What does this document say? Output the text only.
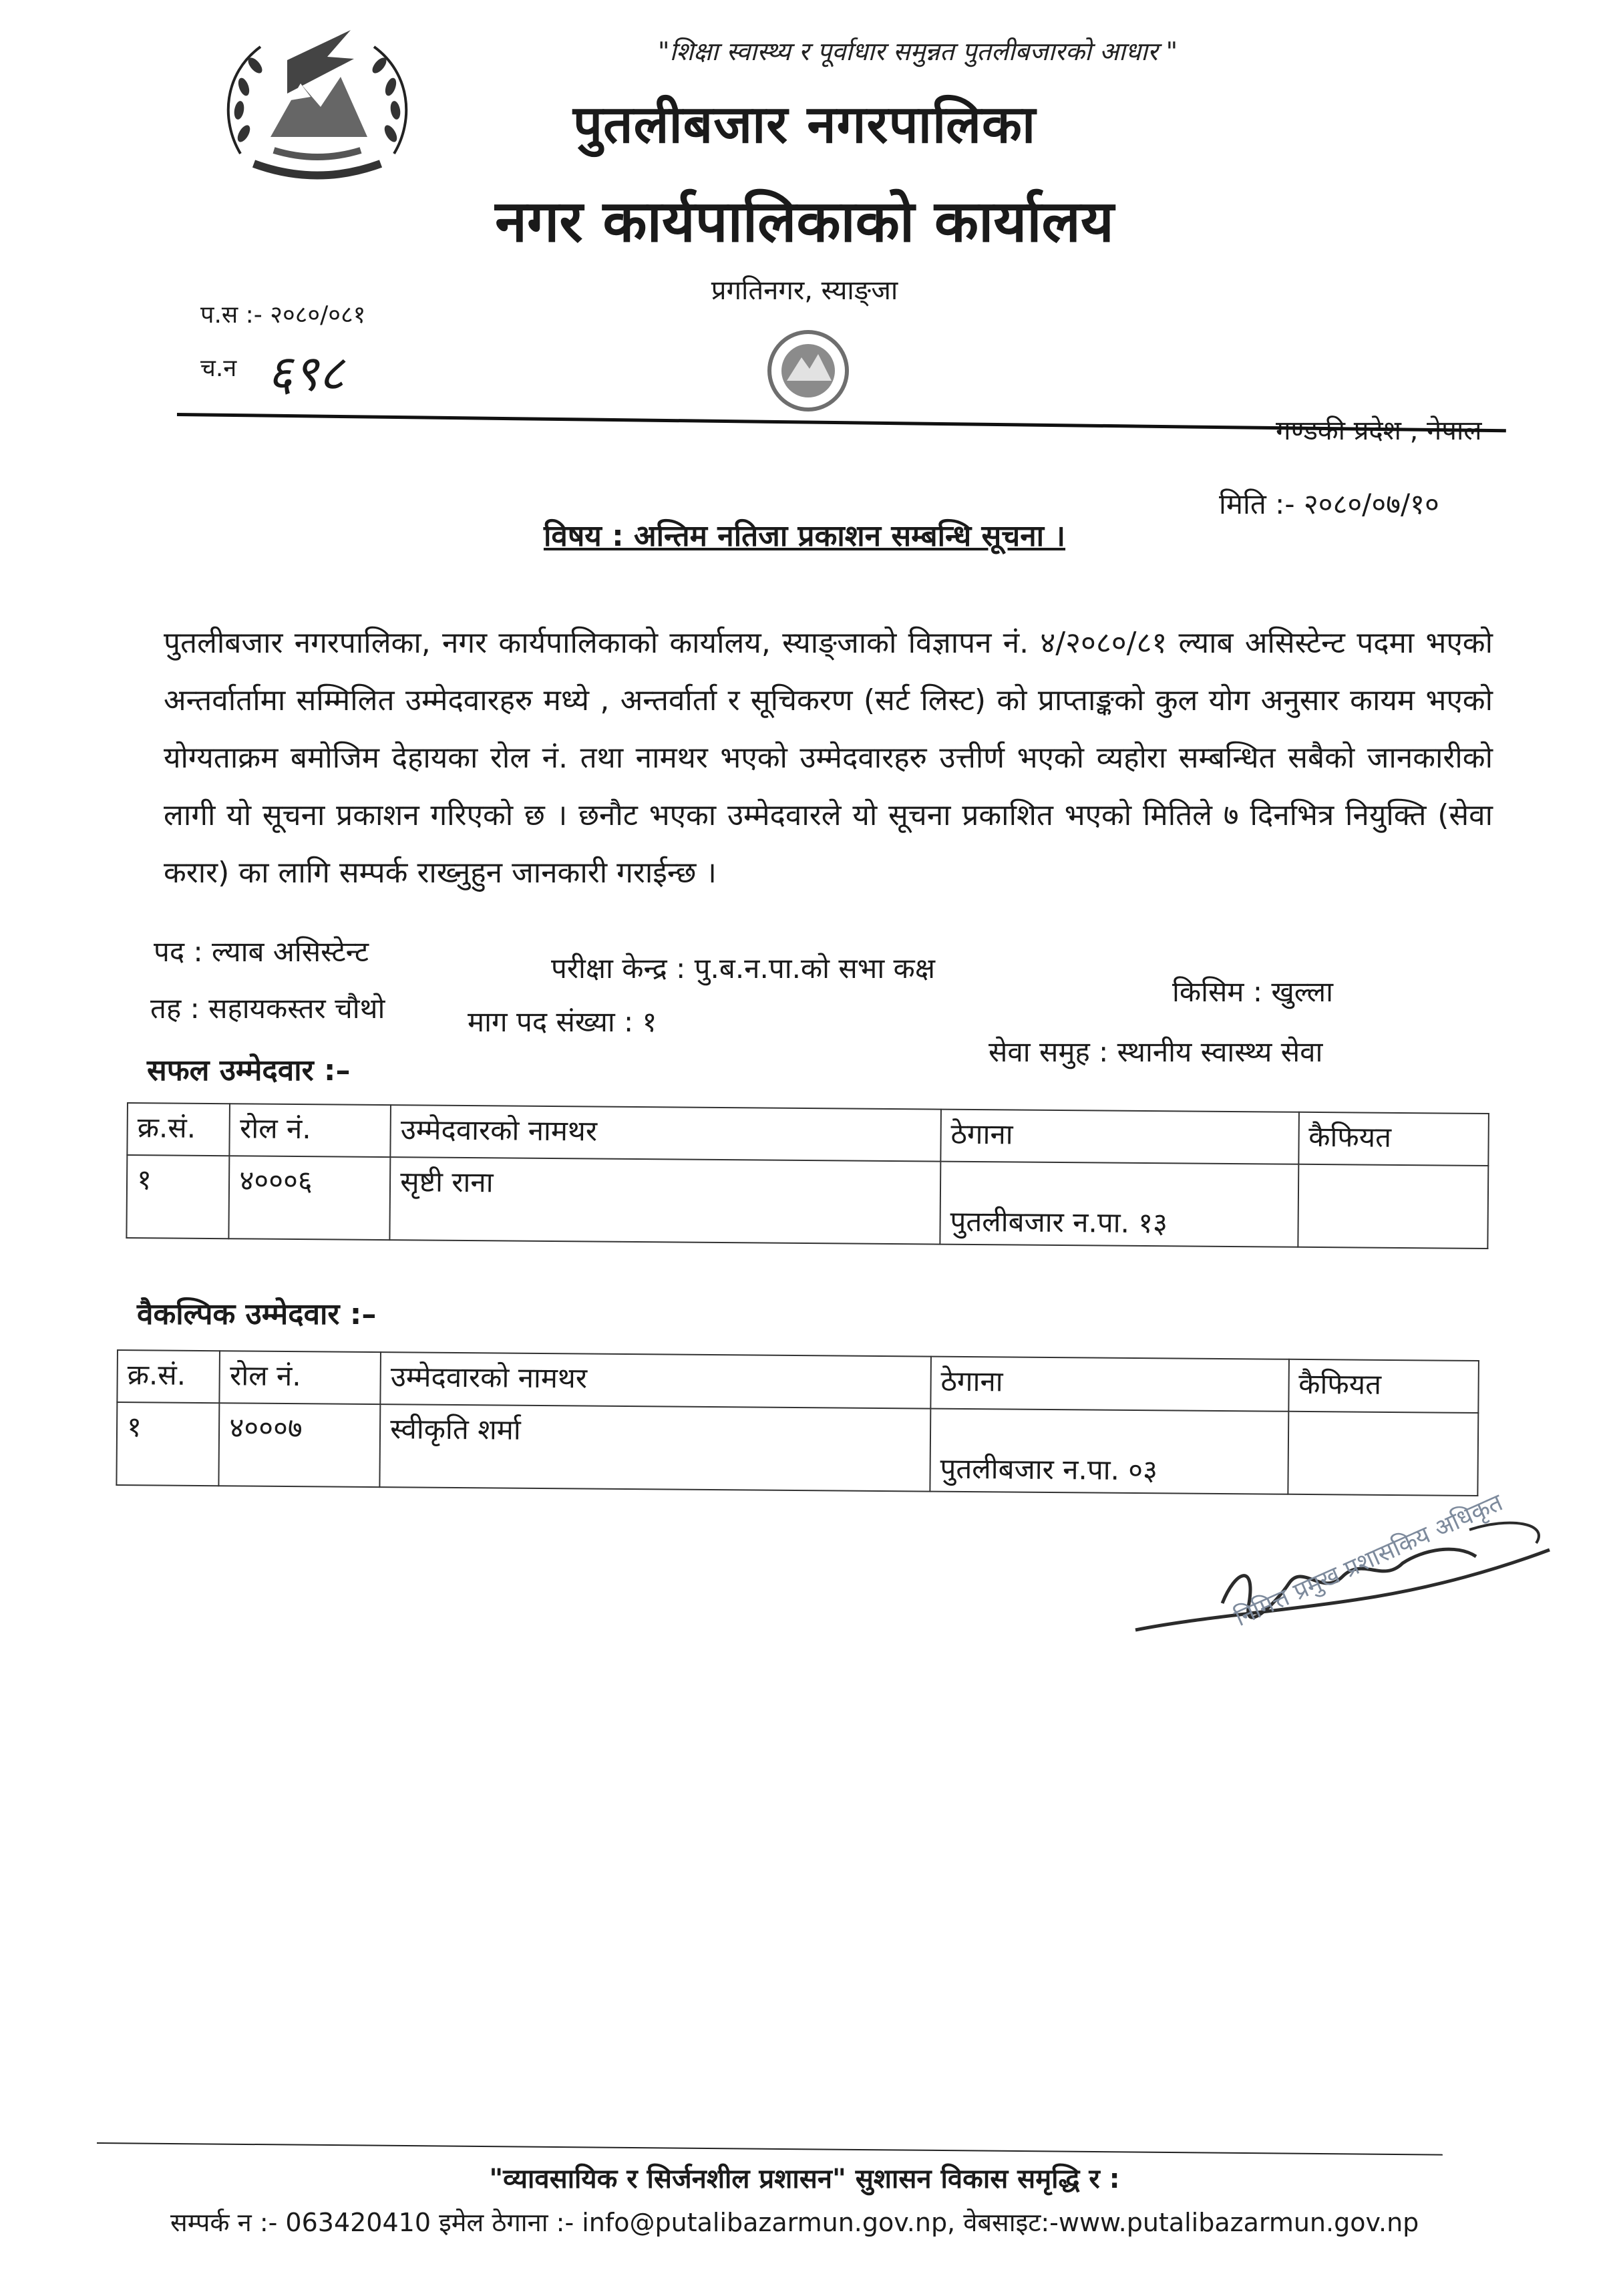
"शिक्षा स्वास्थ्य र पूर्वाधार समुन्नत पुतलीबजारको आधार "
पुतलीबजार नगरपालिका
नगर कार्यपालिकाको कार्यालय
प्रगतिनगर, स्याङ्जा
प.स :- २०८०/०८१
च.न ६९८
गण्डकी प्रदेश , नेपाल
मिति :- २०८०/०७/१०
विषय : अन्तिम नतिजा प्रकाशन सम्बन्धि सूचना ।
पुतलीबजार नगरपालिका, नगर कार्यपालिकाको कार्यालय, स्याङ्जाको विज्ञापन नं. ४/२०८०/८१ ल्याब असिस्टेन्ट पदमा भएको अन्तर्वार्तामा सम्मिलित उम्मेदवारहरु मध्ये , अन्तर्वार्ता र सूचिकरण (सर्ट लिस्ट) को प्राप्ताङ्कको कुल योग अनुसार कायम भएको योग्यताक्रम बमोजिम देहायका रोल नं. तथा नामथर भएको उम्मेदवारहरु उत्तीर्ण भएको व्यहोरा सम्बन्धित सबैको जानकारीको लागी यो सूचना प्रकाशन गरिएको छ । छनौट भएका उम्मेदवारले यो सूचना प्रकाशित भएको मितिले ७ दिनभित्र नियुक्ति (सेवा करार) का लागि सम्पर्क राख्नुहुन जानकारी गराईन्छ ।
पद : ल्याब असिस्टेन्ट
परीक्षा केन्द्र : पु.ब.न.पा.को सभा कक्ष
किसिम : खुल्ला
तह : सहायकस्तर चौथो	माग पद संख्या : १
सेवा समुह : स्थानीय स्वास्थ्य सेवा
सफल उम्मेदवार :–
क्र.सं.	रोल नं.	उम्मेदवारको नामथर	ठेगाना	कैफियत
१	४०००६	सृष्टी राना	पुतलीबजार न.पा. १३	
वैकल्पिक उम्मेदवार :–
क्र.सं.	रोल नं.	उम्मेदवारको नामथर	ठेगाना	कैफियत
१	४०००७	स्वीकृति शर्मा	पुतलीबजार न.पा. ०३	
निमित्त प्रमुख प्रशासकिय अधिकृत
"व्यावसायिक र सिर्जनशील प्रशासन" सुशासन विकास समृद्धि र :
सम्पर्क न :- 063420410 इमेल ठेगाना :- info@putalibazarmun.gov.np, वेबसाइट:-www.putalibazarmun.gov.np
